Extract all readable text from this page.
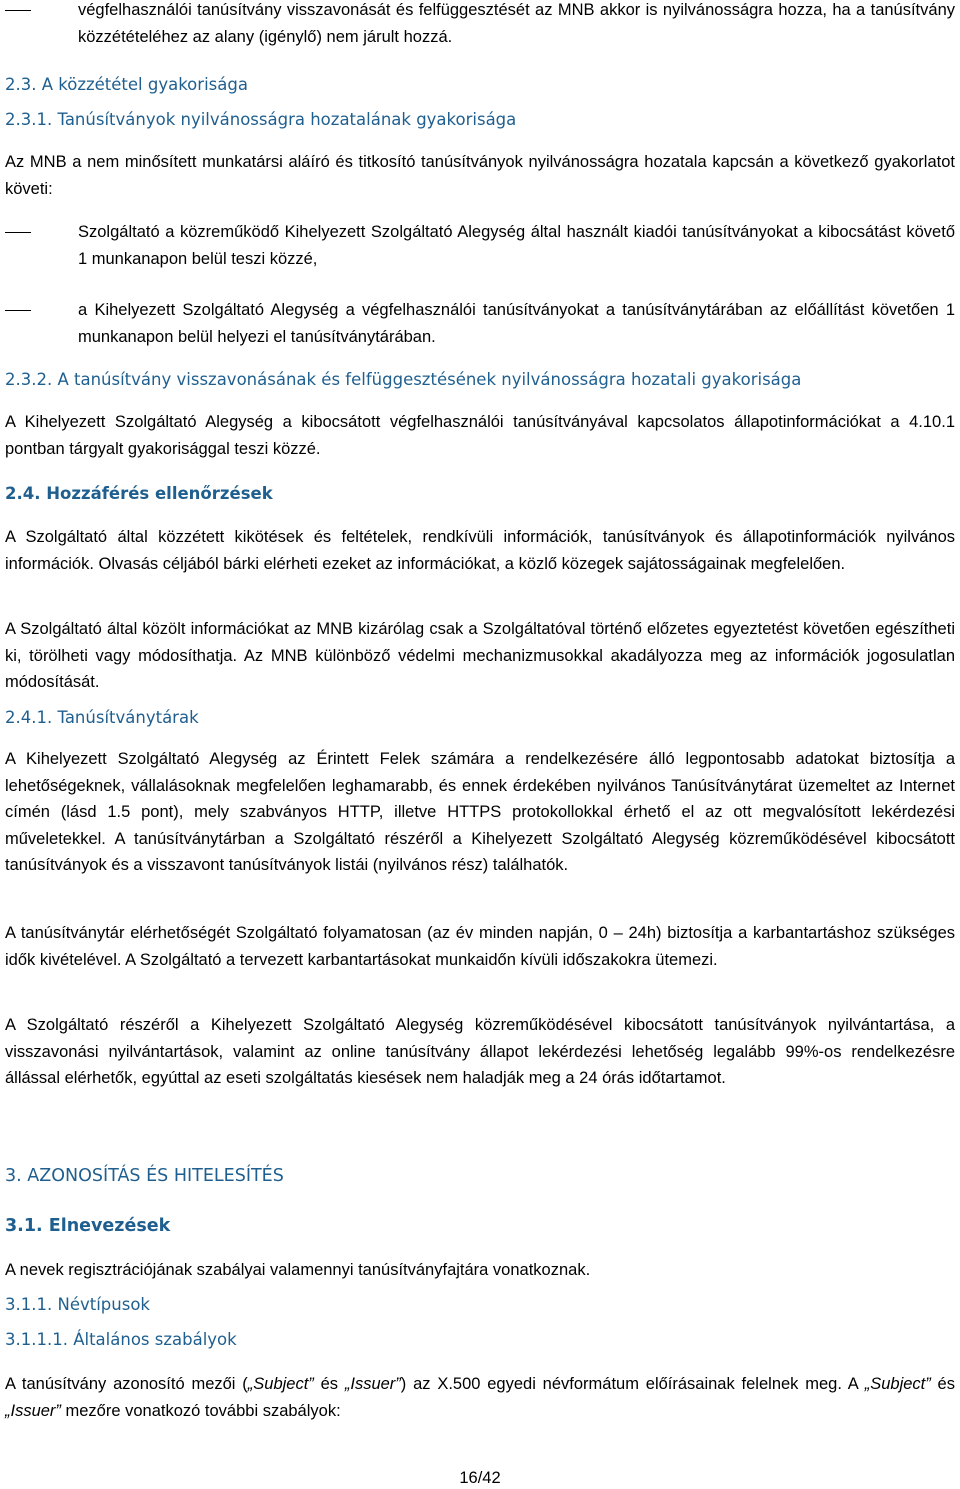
végfelhasználói tanúsítvány visszavonását és felfüggesztését az MNB akkor is nyilvánosságra hozza, ha a tanúsítvány közzétételéhez az alany (igénylő) nem járult hozzá.

2.3. A közzététel gyakorisága

2.3.1. Tanúsítványok nyilvánosságra hozatalának gyakorisága

Az MNB a nem minősített munkatársi aláíró és titkosító tanúsítványok nyilvánosságra hozatala kapcsán a következő gyakorlatot követi:

Szolgáltató a közreműködő Kihelyezett Szolgáltató Alegység által használt kiadói tanúsítványokat a kibocsátást követő 1 munkanapon belül teszi közzé,

a Kihelyezett Szolgáltató Alegység a végfelhasználói tanúsítványokat a tanúsítványtárában az előállítást követően 1 munkanapon belül helyezi el tanúsítványtárában.

2.3.2. A tanúsítvány visszavonásának és felfüggesztésének nyilvánosságra hozatali gyakorisága

A Kihelyezett Szolgáltató Alegység a kibocsátott végfelhasználói tanúsítványával kapcsolatos állapotinformációkat a 4.10.1 pontban tárgyalt gyakorisággal teszi közzé.

2.4. Hozzáférés ellenőrzések

A Szolgáltató által közzétett kikötések és feltételek, rendkívüli információk, tanúsítványok és állapotinformációk nyilvános információk. Olvasás céljából bárki elérheti ezeket az információkat, a közlő közegek sajátosságainak megfelelően.

A Szolgáltató által közölt információkat az MNB kizárólag csak a Szolgáltatóval történő előzetes egyeztetést követően egészítheti ki, törölheti vagy módosíthatja. Az MNB különböző védelmi mechanizmusokkal akadályozza meg az információk jogosulatlan módosítását.

2.4.1. Tanúsítványtárak

A Kihelyezett Szolgáltató Alegység az Érintett Felek számára a rendelkezésére álló legpontosabb adatokat biztosítja a lehetőségeknek, vállalásoknak megfelelően leghamarabb, és ennek érdekében nyilvános Tanúsítványtárat üzemeltet az Internet címén (lásd 1.5 pont), mely szabványos HTTP, illetve HTTPS protokollokkal érhető el az ott megvalósított lekérdezési műveletekkel. A tanúsítványtárban a Szolgáltató részéről a Kihelyezett Szolgáltató Alegység közreműködésével kibocsátott tanúsítványok és a visszavont tanúsítványok listái (nyilvános rész) találhatók.

A tanúsítványtár elérhetőségét Szolgáltató folyamatosan (az év minden napján, 0 – 24h) biztosítja a karbantartáshoz szükséges idők kivételével. A Szolgáltató a tervezett karbantartásokat munkaidőn kívüli időszakokra ütemezi.

A Szolgáltató részéről a Kihelyezett Szolgáltató Alegység közreműködésével kibocsátott tanúsítványok nyilvántartása, a visszavonási nyilvántartások, valamint az online tanúsítvány állapot lekérdezési lehetőség legalább 99%-os rendelkezésre állással elérhetők, egyúttal az eseti szolgáltatás kiesések nem haladják meg a 24 órás időtartamot.

3. AZONOSÍTÁS ÉS HITELESÍTÉS

3.1. Elnevezések

A nevek regisztrációjának szabályai valamennyi tanúsítványfajtára vonatkoznak.

3.1.1. Névtípusok

3.1.1.1. Általános szabályok

A tanúsítvány azonosító mezői („Subject” és „Issuer”) az X.500 egyedi névformátum előírásainak felelnek meg. A „Subject” és „Issuer” mezőre vonatkozó további szabályok:

16/42
